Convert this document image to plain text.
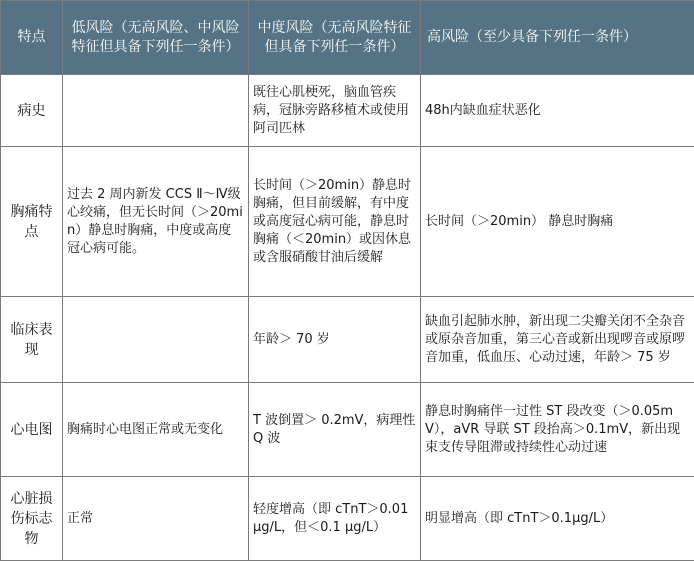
特点	低风险（无高风险、中风险特征但具备下列任一条件）	中度风险（无高风险特征但具备下列任一条件）	高风险（至少具备下列任一条件）
病史		既往心肌梗死，脑血管疾病，冠脉旁路移植术或使用阿司匹林	48h内缺血症状恶化
胸痛特点	过去 2 周内新发 CCS Ⅱ～Ⅳ级心绞痛，但无长时间（＞20min）静息时胸痛，中度或高度冠心病可能。	长时间（＞20min）静息时胸痛，但目前缓解，有中度或高度冠心病可能，静息时胸痛（＜20min）或因休息或含服硝酸甘油后缓解	长时间（＞20min） 静息时胸痛
临床表现		年龄＞ 70 岁	缺血引起肺水肿，新出现二尖瓣关闭不全杂音或原杂音加重，第三心音或新出现啰音或原啰音加重，低血压、心动过速，年龄＞ 75 岁
心电图	胸痛时心电图正常或无变化	T 波倒置＞ 0.2mV，病理性 Q 波	静息时胸痛伴一过性 ST 段改变（＞0.05mV），aVR 导联 ST 段抬高＞0.1mV，新出现束支传导阻滞或持续性心动过速
心脏损伤标志物	正常	轻度增高（即 cTnT＞0.01μg/L，但＜0.1 μg/L）	明显增高（即 cTnT＞0.1μg/L）
